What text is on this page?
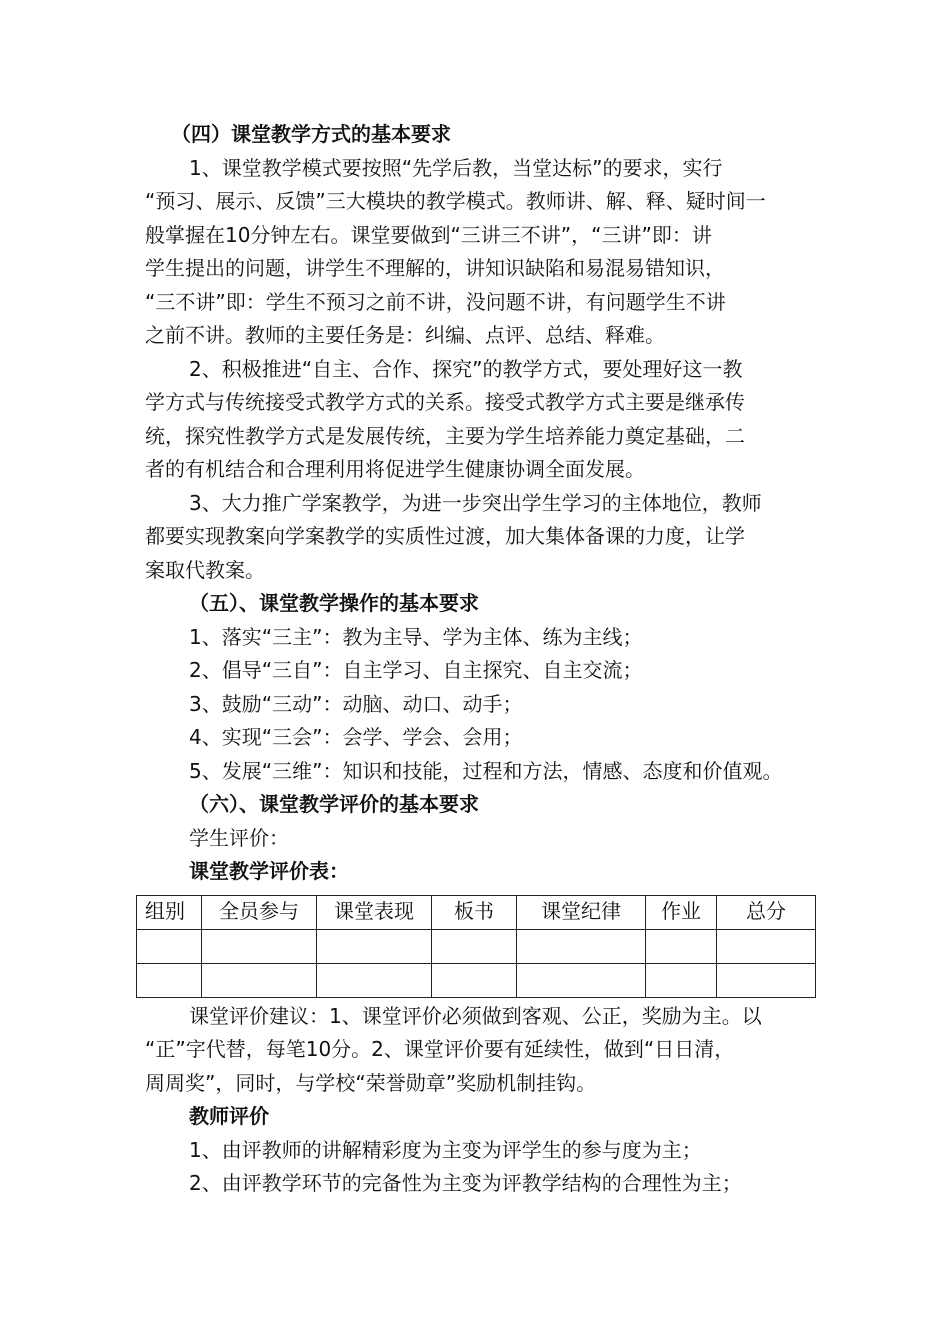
（四）课堂教学方式的基本要求
1、课堂教学模式要按照“先学后教，当堂达标”的要求，实行
“预习、展示、反馈”三大模块的教学模式。教师讲、解、释、疑时间一
般掌握在10分钟左右。课堂要做到“三讲三不讲”，“三讲”即：讲
学生提出的问题，讲学生不理解的，讲知识缺陷和易混易错知识，
“三不讲”即：学生不预习之前不讲，没问题不讲，有问题学生不讲
之前不讲。教师的主要任务是：纠编、点评、总结、释难。
2、积极推进“自主、合作、探究”的教学方式，要处理好这一教
学方式与传统接受式教学方式的关系。接受式教学方式主要是继承传
统，探究性教学方式是发展传统，主要为学生培养能力奠定基础，二
者的有机结合和合理利用将促进学生健康协调全面发展。
3、大力推广学案教学，为进一步突出学生学习的主体地位，教师
都要实现教案向学案教学的实质性过渡，加大集体备课的力度，让学
案取代教案。
（五）、课堂教学操作的基本要求
1、落实“三主”：教为主导、学为主体、练为主线；
2、倡导“三自”：自主学习、自主探究、自主交流；
3、鼓励“三动”：动脑、动口、动手；
4、实现“三会”：会学、学会、会用；
5、发展“三维”：知识和技能，过程和方法，情感、态度和价值观。
（六）、课堂教学评价的基本要求
学生评价：
课堂教学评价表：
组别	全员参与	课堂表现	板书	课堂纪律	作业	总分

课堂评价建议：1、课堂评价必须做到客观、公正，奖励为主。以
“正”字代替，每笔10分。2、课堂评价要有延续性，做到“日日清，
周周奖”，同时，与学校“荣誉勋章”奖励机制挂钩。
教师评价
1、由评教师的讲解精彩度为主变为评学生的参与度为主；
2、由评教学环节的完备性为主变为评教学结构的合理性为主；
